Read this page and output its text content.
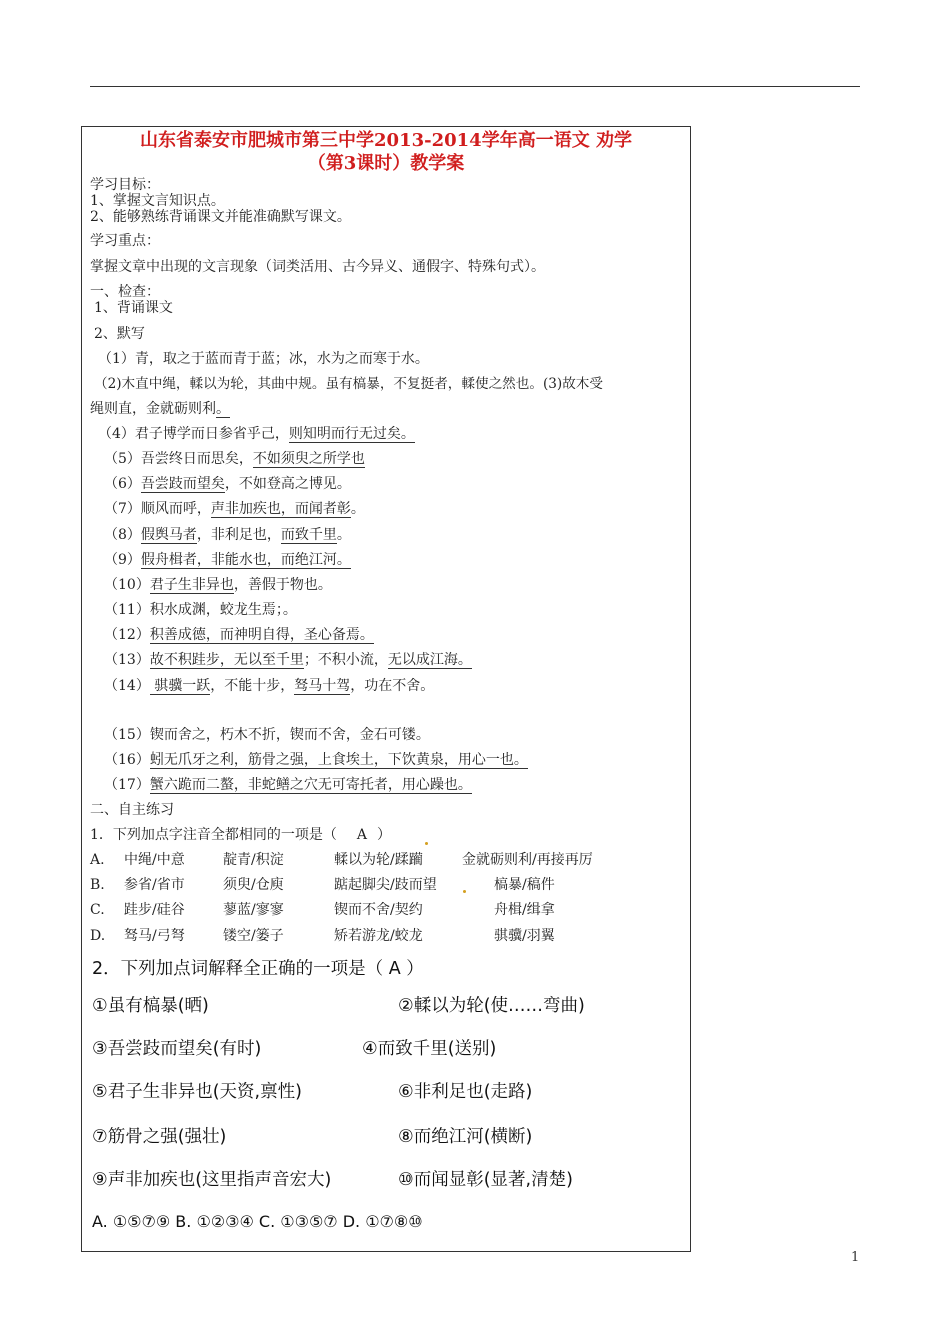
山东省泰安市肥城市第三中学2013-2014学年高一语文 劝学
（第3课时）教学案
学习目标：
1、掌握文言知识点。
2、能够熟练背诵课文并能准确默写课文。
学习重点：
掌握文章中出现的文言现象（词类活用、古今异义、通假字、特殊句式）。
一、检查：
1、背诵课文
2、默写
（1）青，取之于蓝而青于蓝；冰，水为之而寒于水。
（2)木直中绳，輮以为轮，其曲中规。虽有槁暴，不复挺者，輮使之然也。(3)故木受
绳则直，金就砺则利。
（4）君子博学而日参省乎己，则知明而行无过矣。
（5）吾尝终日而思矣，不如须臾之所学也
（6）吾尝跂而望矣，不如登高之博见。
（7）顺风而呼，声非加疾也，而闻者彰。
（8）假舆马者，非利足也，而致千里。
（9）假舟楫者，非能水也，而绝江河。
（10）君子生非异也，善假于物也。
（11）积水成渊，蛟龙生焉；。
（12）积善成德，而神明自得，圣心备焉。
（13）故不积跬步，无以至千里；不积小流，无以成江海。
（14） 骐骥一跃，不能十步，驽马十驾，功在不舍。
（15）锲而舍之，朽木不折，锲而不舍，金石可镂。
（16）蚓无爪牙之利，筋骨之强，上食埃土，下饮黄泉，用心一也。
（17）蟹六跪而二螯，非蛇鳝之穴无可寄托者，用心躁也。
二、自主练习
1．下列加点字注音全都相同的一项是（ A ）
A. 中绳/中意	靛青/积淀	輮以为轮/蹂躏	金就砺则利/再接再厉
B. 参省/省市	须臾/仓庾	踮起脚尖/跂而望	槁暴/稿件
C. 跬步/硅谷	蓼蓝/寥寥	锲而不舍/契约	舟楫/缉拿
D. 驽马/弓弩	镂空/篓子	矫若游龙/蛟龙	骐骥/羽翼
2．下列加点词解释全正确的一项是（ A ）
①虽有槁暴(晒)	②輮以为轮(使……弯曲)
③吾尝跂而望矣(有时)	④而致千里(送别)
⑤君子生非异也(天资,禀性)	⑥非利足也(走路)
⑦筋骨之强(强壮)	⑧而绝江河(横断)
⑨声非加疾也(这里指声音宏大)	⑩而闻显彰(显著,清楚)
A. ①⑤⑦⑨ B. ①②③④ C. ①③⑤⑦ D. ①⑦⑧⑩
1
